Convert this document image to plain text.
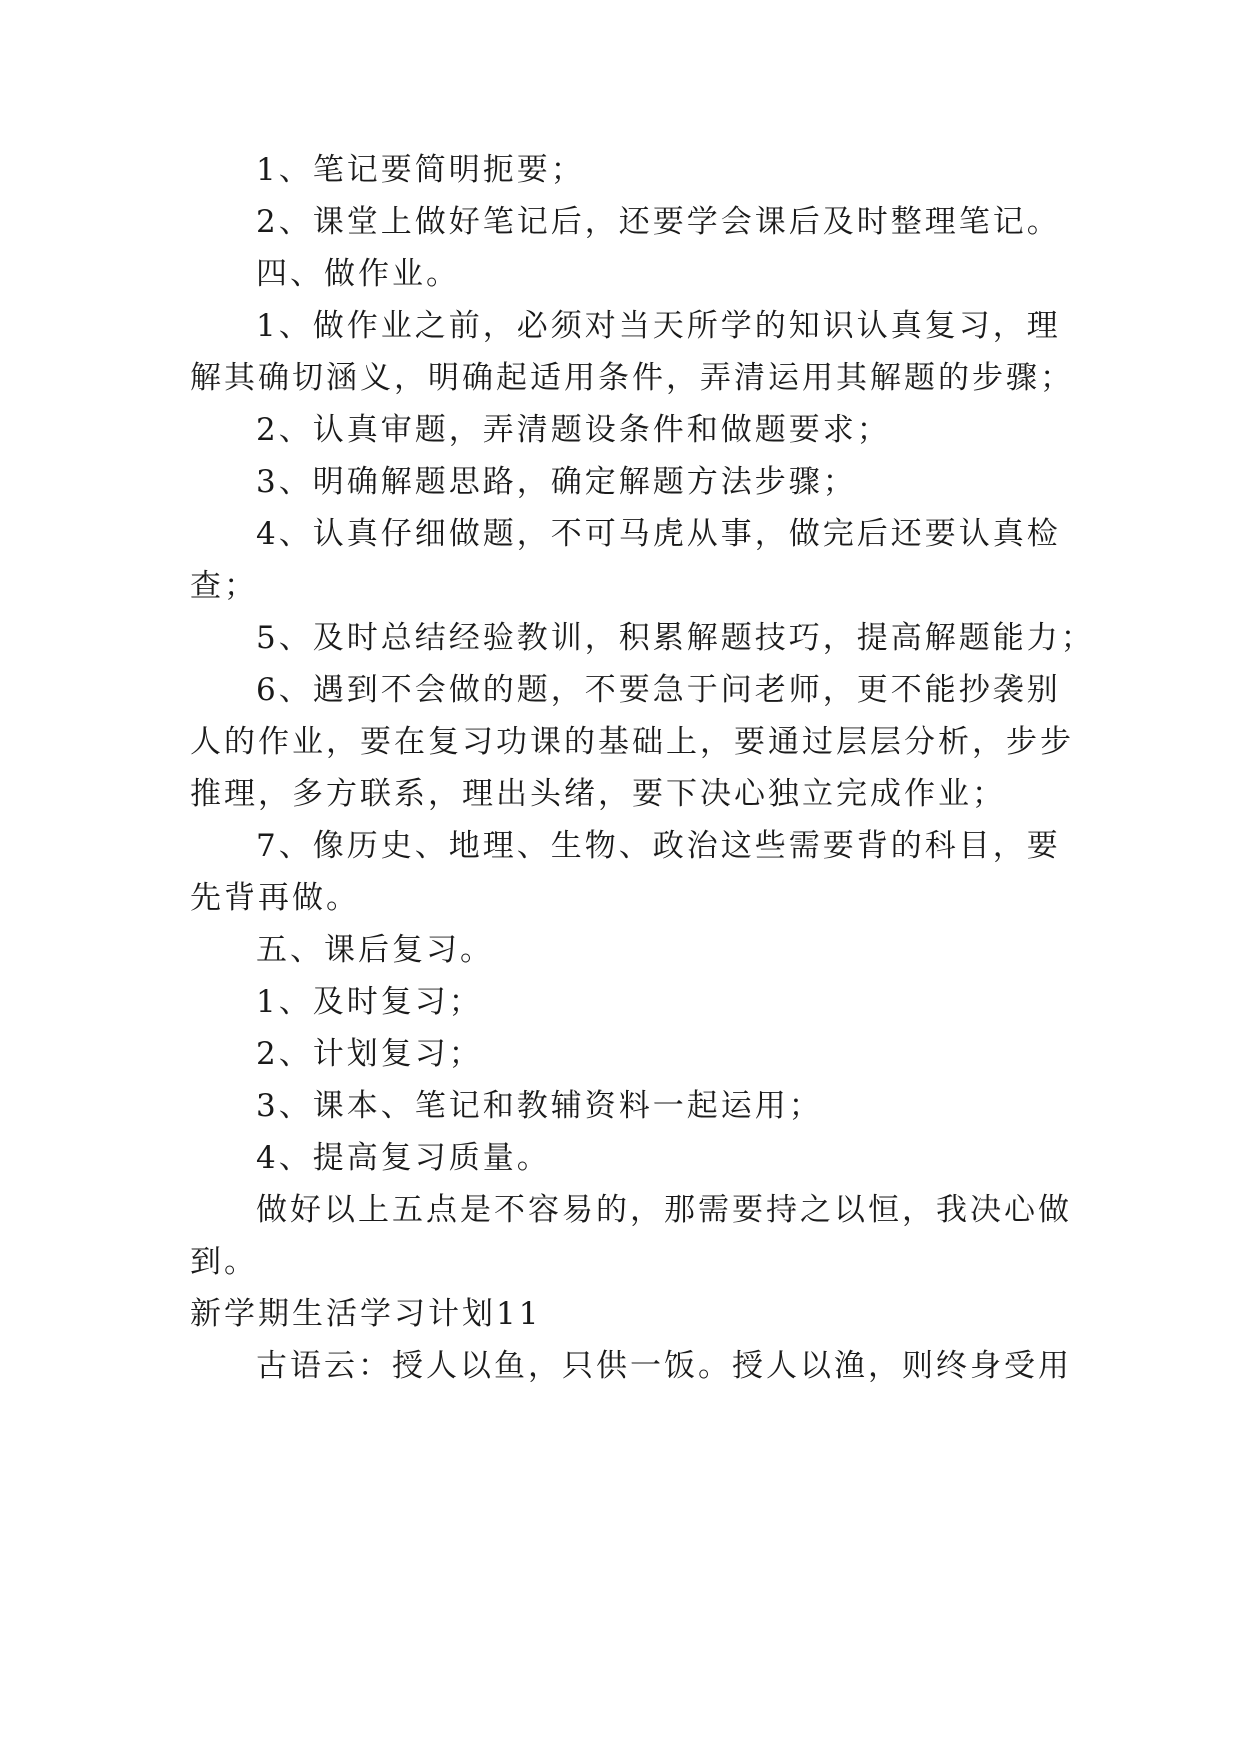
1、笔记要简明扼要；
2、课堂上做好笔记后，还要学会课后及时整理笔记。
四、做作业。
1、做作业之前，必须对当天所学的知识认真复习，理
解其确切涵义，明确起适用条件，弄清运用其解题的步骤；
2、认真审题，弄清题设条件和做题要求；
3、明确解题思路，确定解题方法步骤；
4、认真仔细做题，不可马虎从事，做完后还要认真检
查；
5、及时总结经验教训，积累解题技巧，提高解题能力；
6、遇到不会做的题，不要急于问老师，更不能抄袭别
人的作业，要在复习功课的基础上，要通过层层分析，步步
推理，多方联系，理出头绪，要下决心独立完成作业；
7、像历史、地理、生物、政治这些需要背的科目，要
先背再做。
五、课后复习。
1、及时复习；
2、计划复习；
3、课本、笔记和教辅资料一起运用；
4、提高复习质量。
做好以上五点是不容易的，那需要持之以恒，我决心做
到。
新学期生活学习计划11
古语云：授人以鱼，只供一饭。授人以渔，则终身受用
